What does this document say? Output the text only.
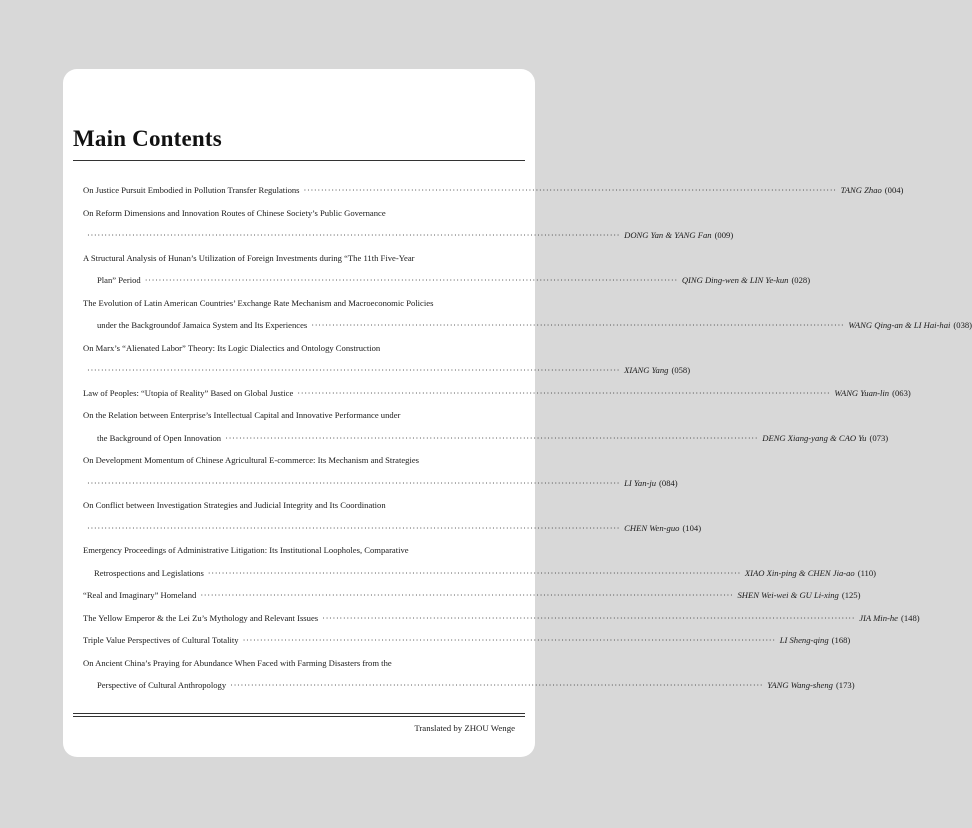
Main Contents
On Justice Pursuit Embodied in Pollution Transfer Regulations ·························································································································································· TANG Zhao (004)
On Reform Dimensions and Innovation Routes of Chinese Society’s Public Governance
·························································································································································· DONG Yan & YANG Fan (009)
A Structural Analysis of Hunan’s Utilization of Foreign Investments during “The 11th Five-Year
Plan” Period ·························································································································································· QING Ding-wen & LIN Ye-kun (028)
The Evolution of Latin American Countries’ Exchange Rate Mechanism and Macroeconomic Policies
under the Backgroundof Jamaica System and Its Experiences ·························································································································································· WANG Qing-an & LI Hai-hai (038)
On Marx’s “Alienated Labor” Theory: Its Logic Dialectics and Ontology Construction
·························································································································································· XIANG Yang (058)
Law of Peoples: “Utopia of Reality” Based on Global Justice ·························································································································································· WANG Yuan-lin (063)
On the Relation between Enterprise’s Intellectual Capital and Innovative Performance under
the Background of Open Innovation ·························································································································································· DENG Xiang-yang & CAO Yu (073)
On Development Momentum of Chinese Agricultural E-commerce: Its Mechanism and Strategies
·························································································································································· LI Yan-ju (084)
On Conflict between Investigation Strategies and Judicial Integrity and Its Coordination
·························································································································································· CHEN Wen-guo (104)
Emergency Proceedings of Administrative Litigation: Its Institutional Loopholes, Comparative
Retrospections and Legislations ·························································································································································· XIAO Xin-ping & CHEN Jia-ao (110)
“Real and Imaginary” Homeland ·························································································································································· SHEN Wei-wei & GU Li-xing (125)
The Yellow Emperor & the Lei Zu’s Mythology and Relevant Issues ·························································································································································· JIA Min-he (148)
Triple Value Perspectives of Cultural Totality ·························································································································································· LI Sheng-qing (168)
On Ancient China’s Praying for Abundance When Faced with Farming Disasters from the
Perspective of Cultural Anthropology ·························································································································································· YANG Wang-sheng (173)
Translated by ZHOU Wenge
